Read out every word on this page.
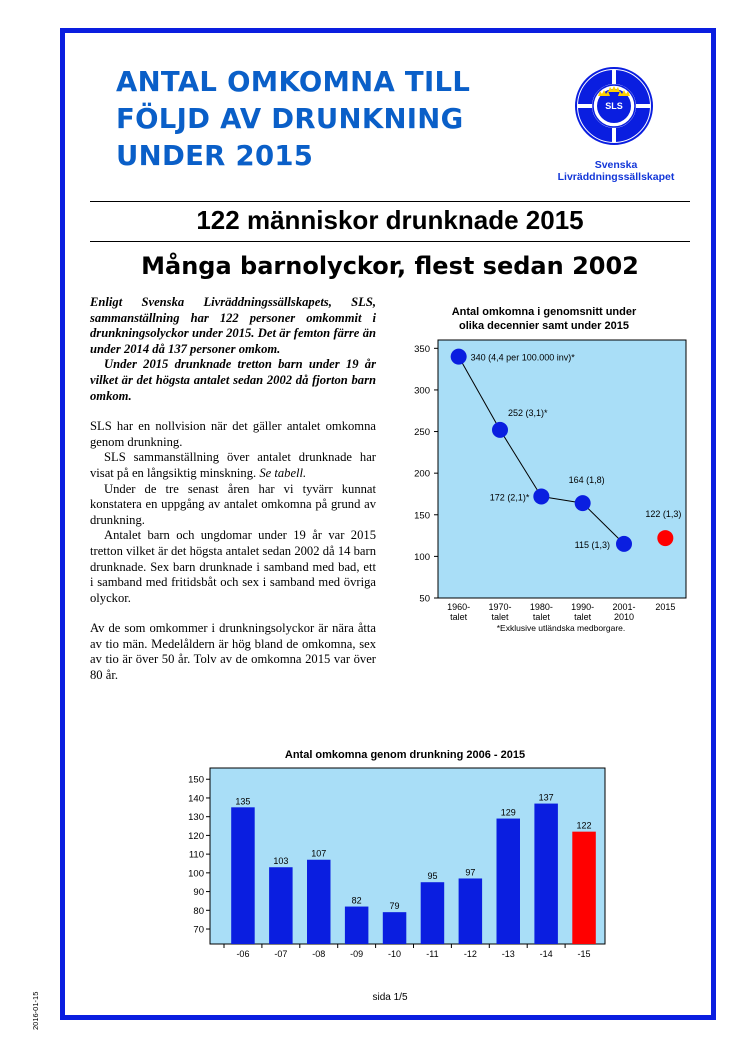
ANTAL OMKOMNA TILL
FÖLJD AV DRUNKNING
UNDER 2015
SLS
Svenska
Livräddningssällskapet
122 människor drunknade 2015
Många barnolyckor, flest sedan 2002

Enligt Svenska Livräddningssällskapets, SLS, sammanställning har 122 personer omkommit i drunkningsolyckor under 2015. Det är femton färre än under 2014 då 137 personer omkom.

Under 2015 drunknade tretton barn under 19 år vilket är det högsta antalet sedan 2002 då fjorton barn omkom.

SLS har en nollvision när det gäller antalet omkomna genom drunkning.

SLS sammanställning över antalet drunknade har visat på en långsiktig minskning. Se tabell.

Under de tre senast åren har vi tyvärr kunnat konstatera en uppgång av antalet omkomna på grund av drunkning.

Antalet barn och ungdomar under 19 år var 2015 tretton vilket är det högsta antalet sedan 2002 då 14 barn drunknade. Sex barn drunknade i samband med bad, ett i samband med fritidsbåt och sex i samband med övriga olyckor.

Av de som omkommer i drunkningsolyckor är nära åtta av tio män. Medelåldern är hög bland de omkomna, sex av tio är över 50 år. Tolv av de omkomna 2015 var över 80 år.

Antal omkomna i genomsnitt under
olika decennier samt under 2015
50
100
150
200
250
300
350
340 (4,4 per 100.000 inv)*
252 (3,1)*
172 (2,1)*
164 (1,8)
115 (1,3)
122 (1,3)
1960-
talet
1970-
talet
1980-
talet
1990-
talet
2001-
2010
2015
*Exklusive utländska medborgare.
Antal omkomna genom drunkning 2006 - 2015
70
80
90
100
110
120
130
140
150
135
103
107
82
79
95	97
129
137
122
-06	-07	-08	-09	-10	-11	-12	-13	-14	-15
2016-01-15	sida 1/5
